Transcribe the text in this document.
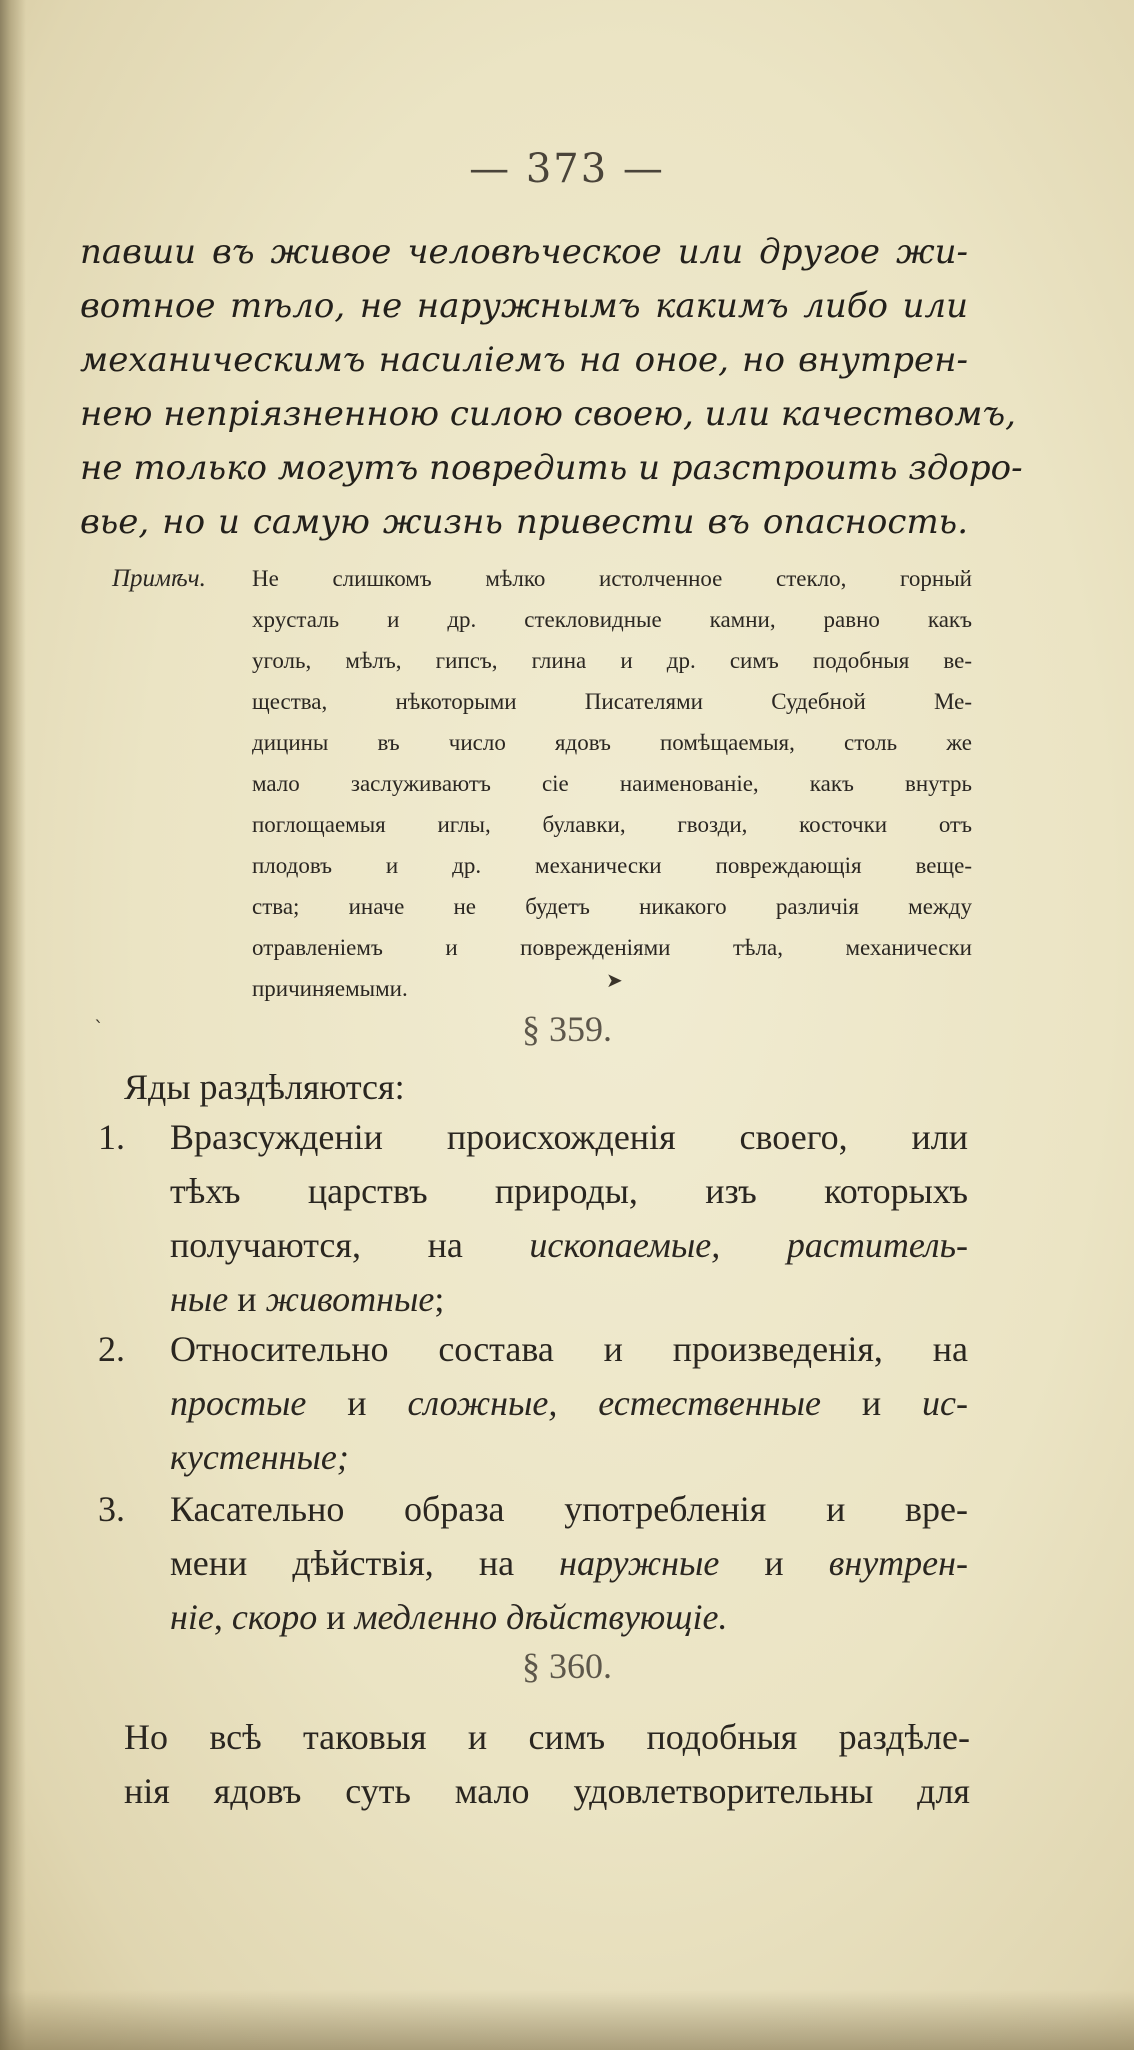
— 373 —
павши въ живое человѣческое или другое жи-
вотное тѣло, не наружнымъ какимъ либо или
механическимъ насиліемъ на оное, но внутрен-
нею непріязненною силою своею, или качествомъ,
не только могутъ повредить и разстроить здоро-
вье, но и самую жизнь привести въ опасность.
Примѣч. Не слишкомъ мѣлко истолченное стекло, горный
хрусталь и др. стекловидные камни, равно какъ
уголь, мѣлъ, гипсъ, глина и др. симъ подобныя ве-
щества, нѣкоторыми Писателями Судебной Ме-
дицины въ число ядовъ помѣщаемыя, столь же
мало заслуживаютъ сіе наименованіе, какъ внутрь
поглощаемыя иглы, булавки, гвозди, косточки отъ
плодовъ и др. механически повреждающія веще-
ства; иначе не будетъ никакого различія между
отравленіемъ и поврежденіями тѣла, механически
причиняемыми.
§ 359.
Яды раздѣляются:
1. Вразсужденіи происхожденія своего, или
тѣхъ царствъ природы, изъ которыхъ
получаются, на ископаемые, раститель-
ные и животные;
2. Относительно состава и произведенія, на
простые и сложные, естественные и ис-
кустенные;
3. Касательно образа употребленія и вре-
мени дѣйствія, на наружные и внутрен-
ніе, скоро и медленно дѣйствующіе.
§ 360.
Но всѣ таковыя и симъ подобныя раздѣле-
нія ядовъ суть мало удовлетворительны для
`
➤
